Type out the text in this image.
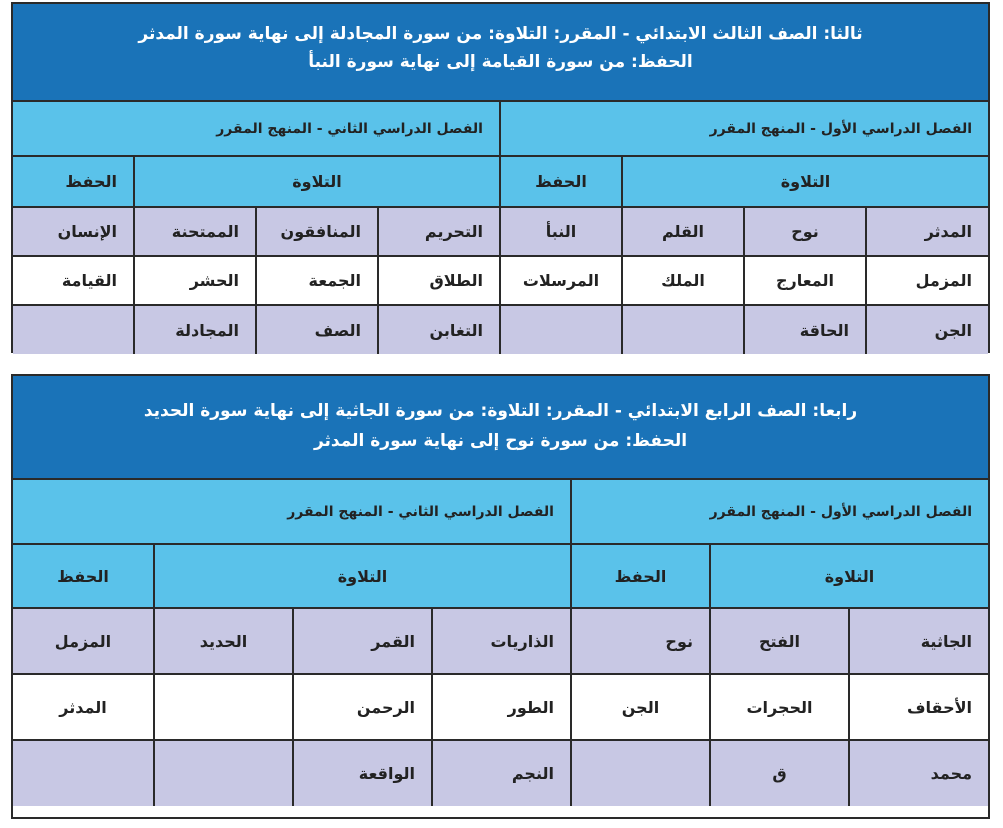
ثالثا: الصف الثالث الابتدائي - المقرر: التلاوة: من سورة المجادلة إلى نهاية سورة المدثر
الحفظ: من سورة القيامة إلى نهاية سورة النبأ
الفصل الدراسي الأول - المنهج المقرر				الفصل الدراسي الثاني - المنهج المقرر			
التلاوة			الحفظ	التلاوة			الحفظ
المدثر	نوح	القلم	النبأ	التحريم	المنافقون	الممتحنة	الإنسان
المزمل	المعارج	الملك	المرسلات	الطلاق	الجمعة	الحشر	القيامة
الجن	الحاقة			التغابن	الصف	المجادلة	
رابعا: الصف الرابع الابتدائي - المقرر: التلاوة: من سورة الجاثية إلى نهاية سورة الحديد
الحفظ: من سورة نوح إلى نهاية سورة المدثر
الفصل الدراسي الأول - المنهج المقرر			الفصل الدراسي الثاني - المنهج المقرر			
التلاوة		الحفظ	التلاوة			الحفظ
الجاثية	الفتح	نوح	الذاريات	القمر	الحديد	المزمل
الأحقاف	الحجرات	الجن	الطور	الرحمن		المدثر
محمد	ق		النجم	الواقعة		
